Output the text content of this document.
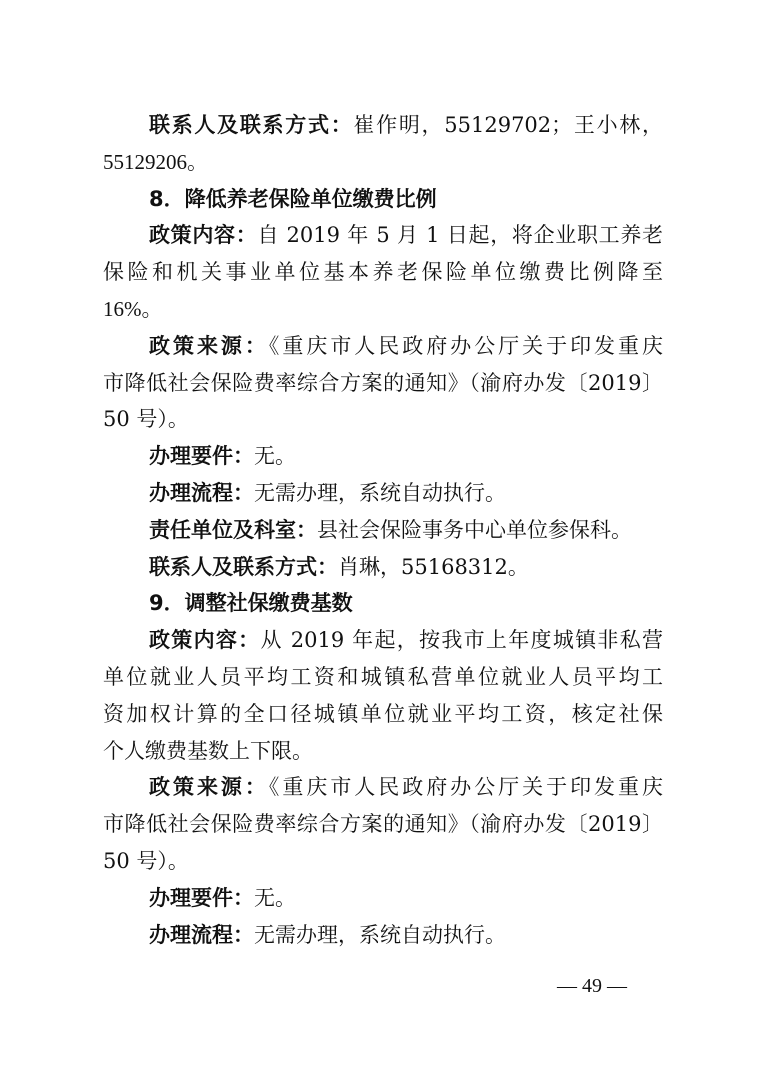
联系人及联系方式：崔作明，55129702；王小林，
55129206。
8．降低养老保险单位缴费比例
政策内容：自 2019 年 5 月 1 日起，将企业职工养老
保险和机关事业单位基本养老保险单位缴费比例降至
16%。
政策来源：《重庆市人民政府办公厅关于印发重庆
市降低社会保险费率综合方案的通知》（渝府办发〔2019〕
50 号）。
办理要件：无。
办理流程：无需办理，系统自动执行。
责任单位及科室：县社会保险事务中心单位参保科。
联系人及联系方式：肖琳，55168312。
9．调整社保缴费基数
政策内容：从 2019 年起，按我市上年度城镇非私营
单位就业人员平均工资和城镇私营单位就业人员平均工
资加权计算的全口径城镇单位就业平均工资，核定社保
个人缴费基数上下限。
政策来源：《重庆市人民政府办公厅关于印发重庆
市降低社会保险费率综合方案的通知》（渝府办发〔2019〕
50 号）。
办理要件：无。
办理流程：无需办理，系统自动执行。
— 49 —
